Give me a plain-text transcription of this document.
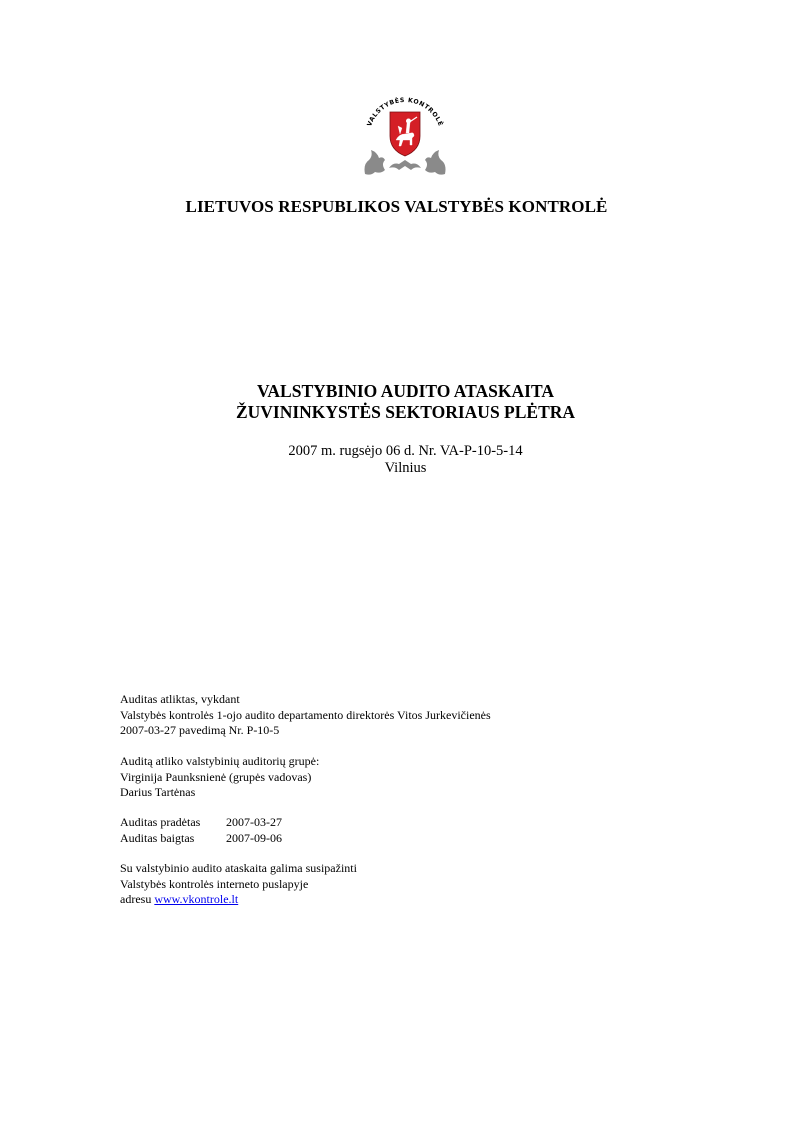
VALSTYBĖS KONTROLĖ
LIETUVOS RESPUBLIKOS VALSTYBĖS KONTROLĖ
VALSTYBINIO AUDITO ATASKAITA
ŽUVININKYSTĖS SEKTORIAUS PLĖTRA
2007 m. rugsėjo 06 d. Nr. VA-P-10-5-14
Vilnius
Auditas atliktas, vykdant
Valstybės kontrolės 1-ojo audito departamento direktorės Vitos Jurkevičienės
2007-03-27 pavedimą Nr. P-10-5
Auditą atliko valstybinių auditorių grupė:
Virginija Paunksnienė (grupės vadovas)
Darius Tartėnas
Auditas pradėtas	2007-03-27
Auditas baigtas	2007-09-06
Su valstybinio audito ataskaita galima susipažinti
Valstybės kontrolės interneto puslapyje
adresu www.vkontrole.lt
